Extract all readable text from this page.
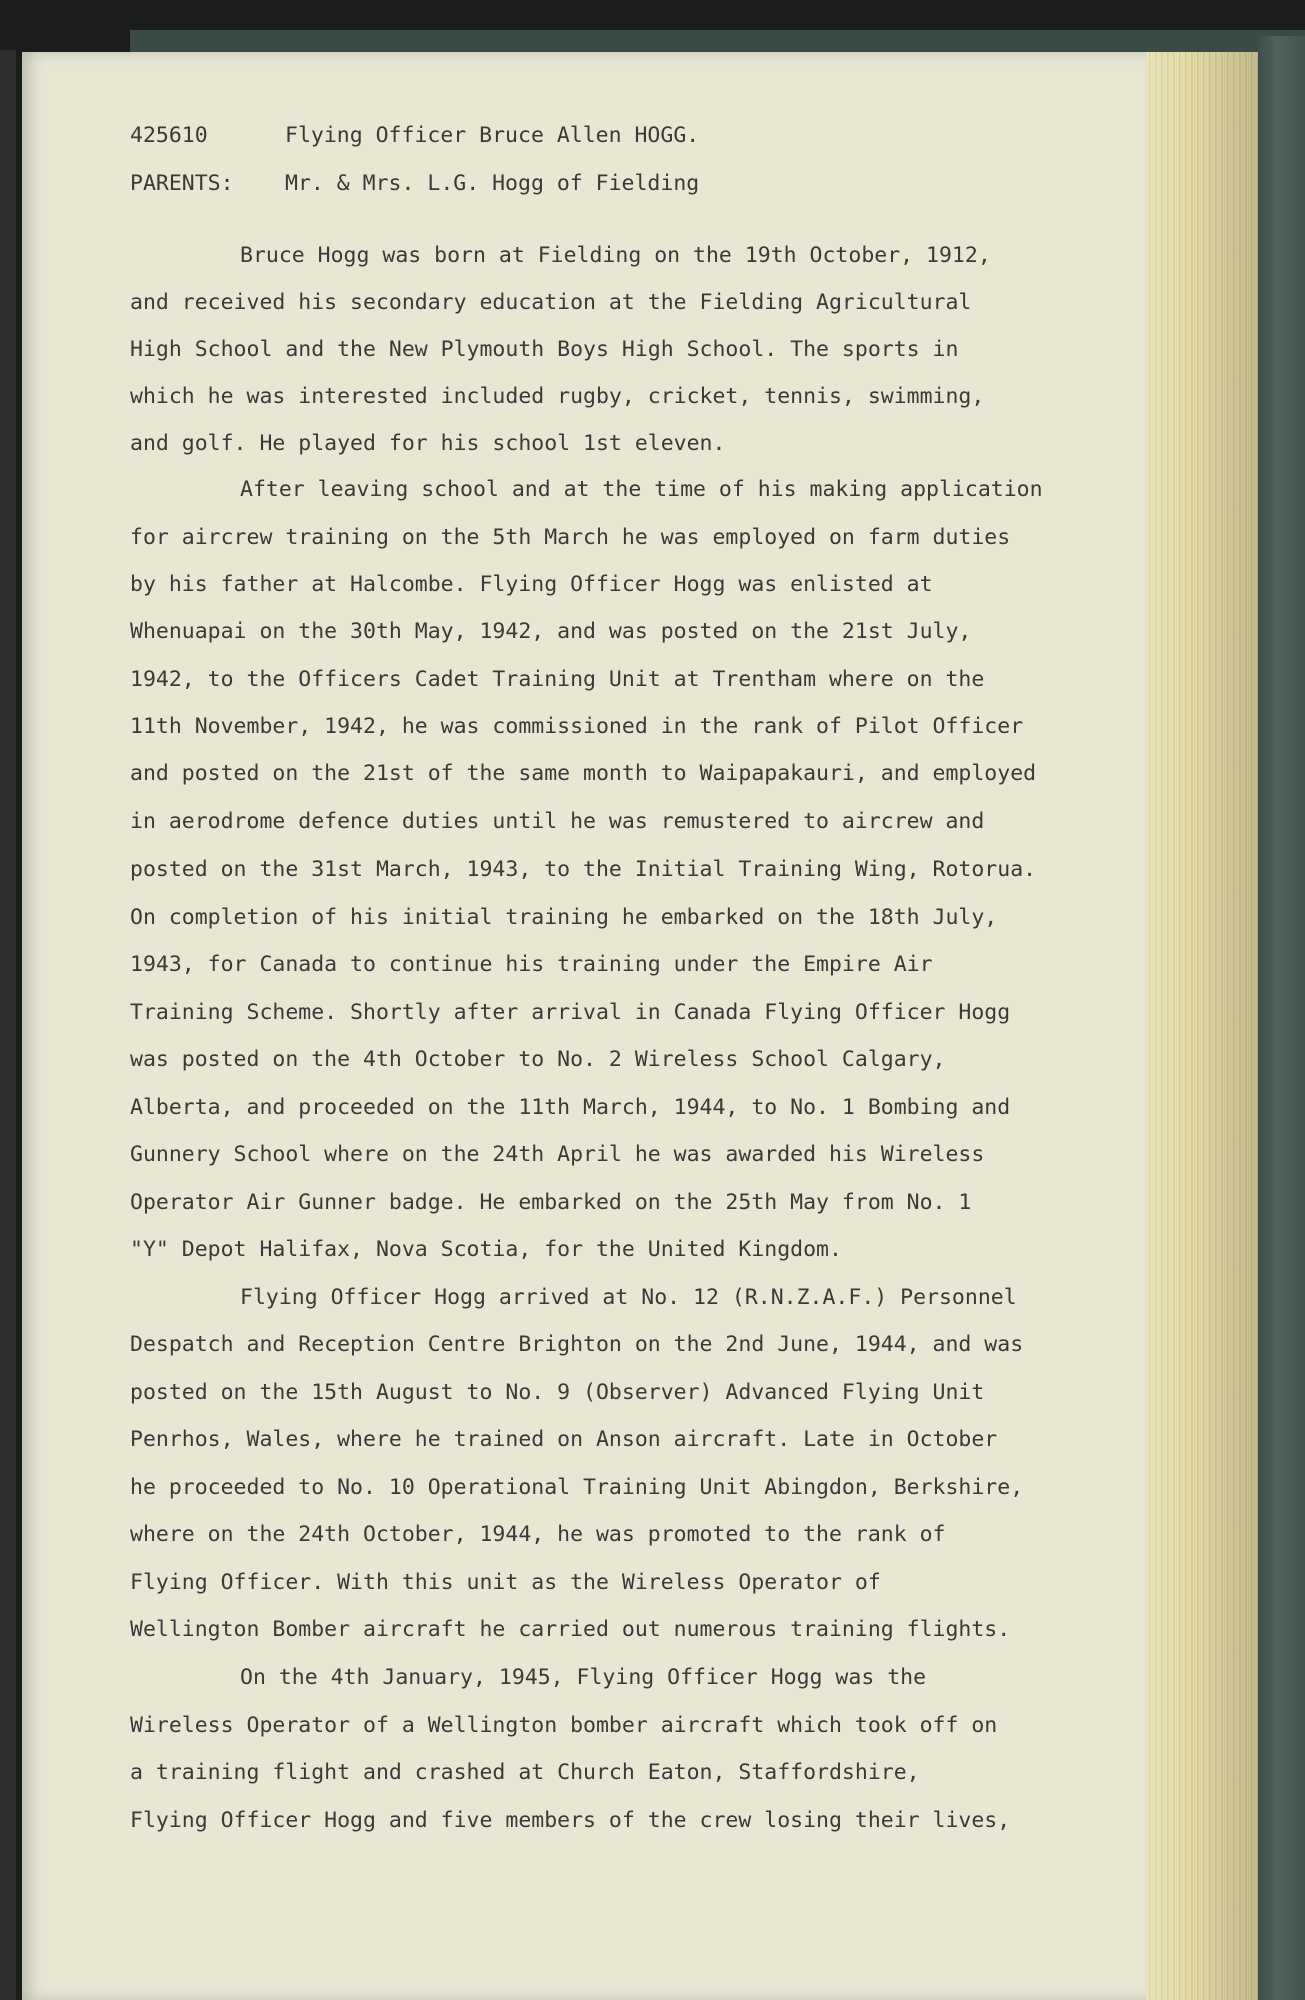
425610	Flying Officer Bruce Allen HOGG.

PARENTS: Mr. & Mrs. L.G. Hogg of Fielding

Bruce Hogg was born at Fielding on the 19th October, 1912,

and received his secondary education at the Fielding Agricultural

High School and the New Plymouth Boys High School. The sports in

which he was interested included rugby, cricket, tennis, swimming,

and golf. He played for his school 1st eleven.

After leaving school and at the time of his making application

for aircrew training on the 5th March he was employed on farm duties

by his father at Halcombe. Flying Officer Hogg was enlisted at

Whenuapai on the 30th May, 1942, and was posted on the 21st July,

1942, to the Officers Cadet Training Unit at Trentham where on the

11th November, 1942, he was commissioned in the rank of Pilot Officer

and posted on the 21st of the same month to Waipapakauri, and employed

in aerodrome defence duties until he was remustered to aircrew and

posted on the 31st March, 1943, to the Initial Training Wing, Rotorua.

On completion of his initial training he embarked on the 18th July,

1943, for Canada to continue his training under the Empire Air

Training Scheme. Shortly after arrival in Canada Flying Officer Hogg

was posted on the 4th October to No. 2 Wireless School Calgary,

Alberta, and proceeded on the 11th March, 1944, to No. 1 Bombing and

Gunnery School where on the 24th April he was awarded his Wireless

Operator Air Gunner badge. He embarked on the 25th May from No. 1

"Y" Depot Halifax, Nova Scotia, for the United Kingdom.

Flying Officer Hogg arrived at No. 12 (R.N.Z.A.F.) Personnel

Despatch and Reception Centre Brighton on the 2nd June, 1944, and was

posted on the 15th August to No. 9 (Observer) Advanced Flying Unit

Penrhos, Wales, where he trained on Anson aircraft. Late in October

he proceeded to No. 10 Operational Training Unit Abingdon, Berkshire,

where on the 24th October, 1944, he was promoted to the rank of

Flying Officer. With this unit as the Wireless Operator of

Wellington Bomber aircraft he carried out numerous training flights.

On the 4th January, 1945, Flying Officer Hogg was the

Wireless Operator of a Wellington bomber aircraft which took off on

a training flight and crashed at Church Eaton, Staffordshire,

Flying Officer Hogg and five members of the crew losing their lives,
